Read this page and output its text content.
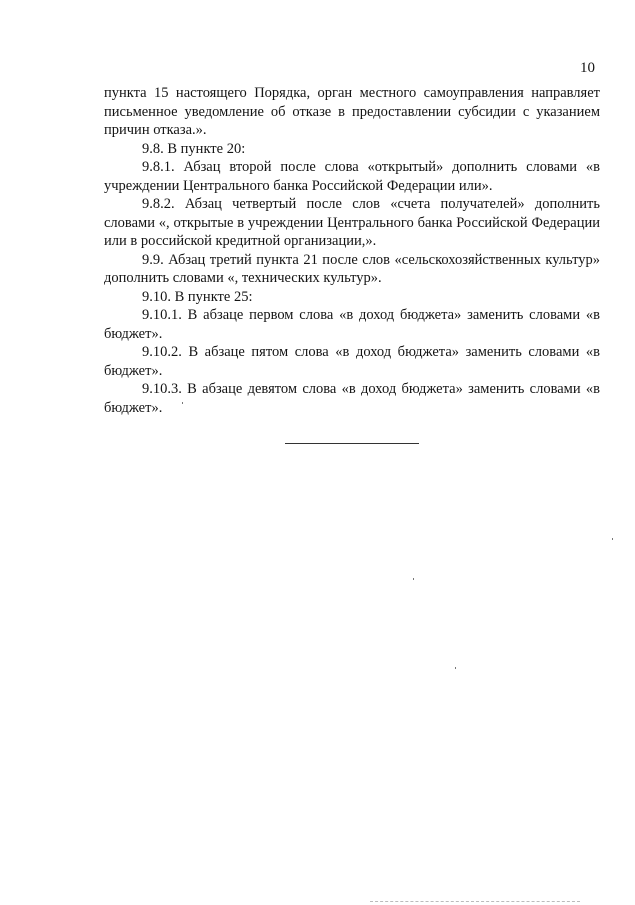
10

пункта 15 настоящего Порядка, орган местного самоуправления направляет письменное уведомление об отказе в предоставлении субсидии с указанием причин отказа.».

9.8. В пункте 20:

9.8.1. Абзац второй после слова «открытый» дополнить словами «в учреждении Центрального банка Российской Федерации или».

9.8.2. Абзац четвертый после слов «счета получателей» дополнить словами «, открытые в учреждении Центрального банка Российской Федерации или в российской кредитной организации,».

9.9. Абзац третий пункта 21 после слов «сельскохозяйственных культур» дополнить словами «, технических культур».

9.10. В пункте 25:

9.10.1. В абзаце первом слова «в доход бюджета» заменить словами «в бюджет».

9.10.2. В абзаце пятом слова «в доход бюджета» заменить словами «в бюджет».

9.10.3. В абзаце девятом слова «в доход бюджета» заменить словами «в бюджет».
